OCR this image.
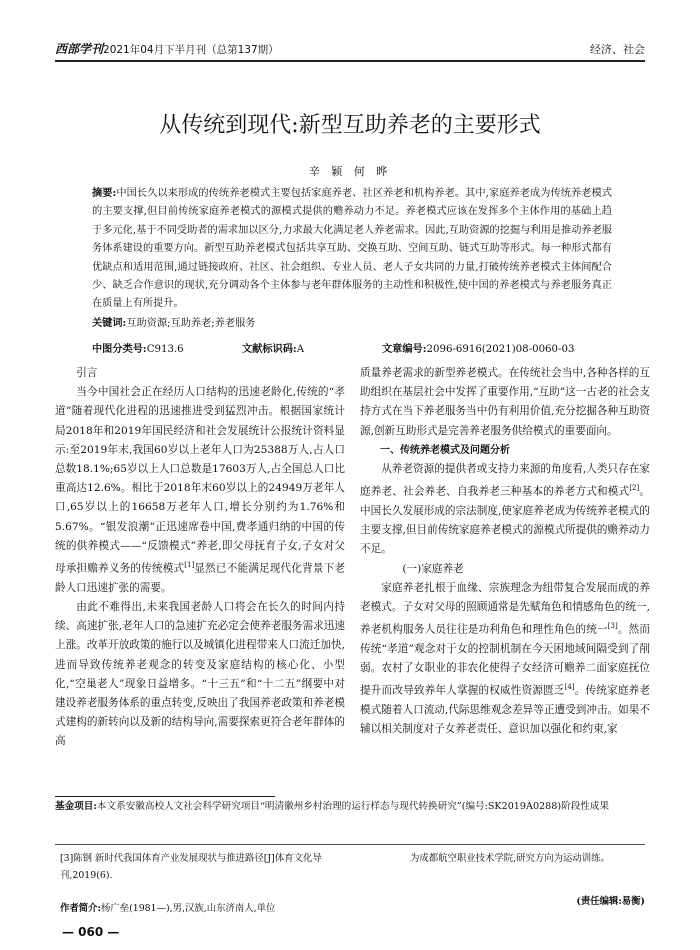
西部学刊2021年04月下半月刊（总第137期）	经济、社会
从传统到现代:新型互助养老的主要形式
辛 颖 何 晔
摘要:中国长久以来形成的传统养老模式主要包括家庭养老、社区养老和机构养老。其中,家庭养老成为传统养老模式的主要支撑,但目前传统家庭养老模式的源模式提供的赡养动力不足。养老模式应该在发挥多个主体作用的基础上趋于多元化,基于不同受助者的需求加以区分,力求最大化满足老人养老需求。因此,互助资源的挖掘与利用是推动养老服务体系建设的重要方向。新型互助养老模式包括共享互助、交换互助、空间互助、链式互助等形式。每一种形式都有优缺点和适用范围,通过链接政府、社区、社会组织、专业人员、老人子女共同的力量,打破传统养老模式主体间配合少、缺乏合作意识的现状,充分调动各个主体参与老年群体服务的主动性和积极性,使中国的养老模式与养老服务真正在质量上有所提升。
关键词:互助资源;互助养老;养老服务
中图分类号:C913.6	文献标识码:A	文章编号:2096-6916(2021)08-0060-03

引言

当今中国社会正在经历人口结构的迅速老龄化,传统的“孝道”随着现代化进程的迅速推进受到猛烈冲击。根据国家统计局2018年和2019年国民经济和社会发展统计公报统计资料显示:至2019年末,我国60岁以上老年人口为25388万人,占人口总数18.1%;65岁以上人口总数是17603万人,占全国总人口比重高达12.6%。相比于2018年末60岁以上的24949万老年人口,65岁以上的16658万老年人口,增长分别约为1.76%和5.67%。“银发浪潮”正迅速席卷中国,费孝通归纳的中国的传统的供养模式——“反馈模式”养老,即父母抚育子女,子女对父母承担赡养义务的传统模式[1]显然已不能满足现代化背景下老龄人口迅速扩张的需要。

由此不难得出,未来我国老龄人口将会在长久的时间内持续、高速扩张,老年人口的急速扩充必定会使养老服务需求迅速上涨。改革开放政策的施行以及城镇化进程带来人口流迁加快,进而导致传统养老观念的转变及家庭结构的核心化、小型化,“空巢老人”现象日益增多。“十三五”和“十二五”纲要中对建设养老服务体系的重点转变,反映出了我国养老政策和养老模式建构的新转向以及新的结构导向,需要探索更符合老年群体的高

质量养老需求的新型养老模式。在传统社会当中,各种各样的互助组织在基层社会中发挥了重要作用,“互助”这一古老的社会支持方式在当下养老服务当中仍有利用价值,充分挖掘各种互助资源,创新互助形式是完善养老服务供给模式的重要面向。

一、传统养老模式及问题分析

从养老资源的提供者或支持力来源的角度看,人类只存在家庭养老、社会养老、自我养老三种基本的养老方式和模式[2]。中国长久发展形成的宗法制度,使家庭养老成为传统养老模式的主要支撑,但目前传统家庭养老模式的源模式所提供的赡养动力不足。

(一)家庭养老

家庭养老扎根于血缘、宗族理念为纽带复合发展而成的养老模式。子女对父母的照顾通常是先赋角色和情感角色的统一,养老机构服务人员往往是功利角色和理性角色的统一[3]。然而传统“孝道”观念对于女的控制机制在今天困地域间隔受到了削弱。农村了女职业的非农化使得子女经济可赡养二面家庭抚位提升而改导致养年人掌握的权威性资源匮乏[4]。传统家庭养老模式随着人口流动,代际思维观念差异等正遭受到冲击。如果不辅以相关制度对子女养老责任、意识加以强化和约束,家

基金项目:本文系安徽高校人文社会科学研究项目“明清徽州乡村治理的运行样态与现代转换研究”(编号:SK2019A0288)阶段性成果
[3]陈钢 新时代我国体育产业发展现状与推进路径[J]体育文化导刊,2019(6).
作者简介:杨广垒(1981—),男,汉族,山东济南人,单位
为成都航空职业技术学院,研究方向为运动训练。
(责任编辑:易衡)
— 060 —
